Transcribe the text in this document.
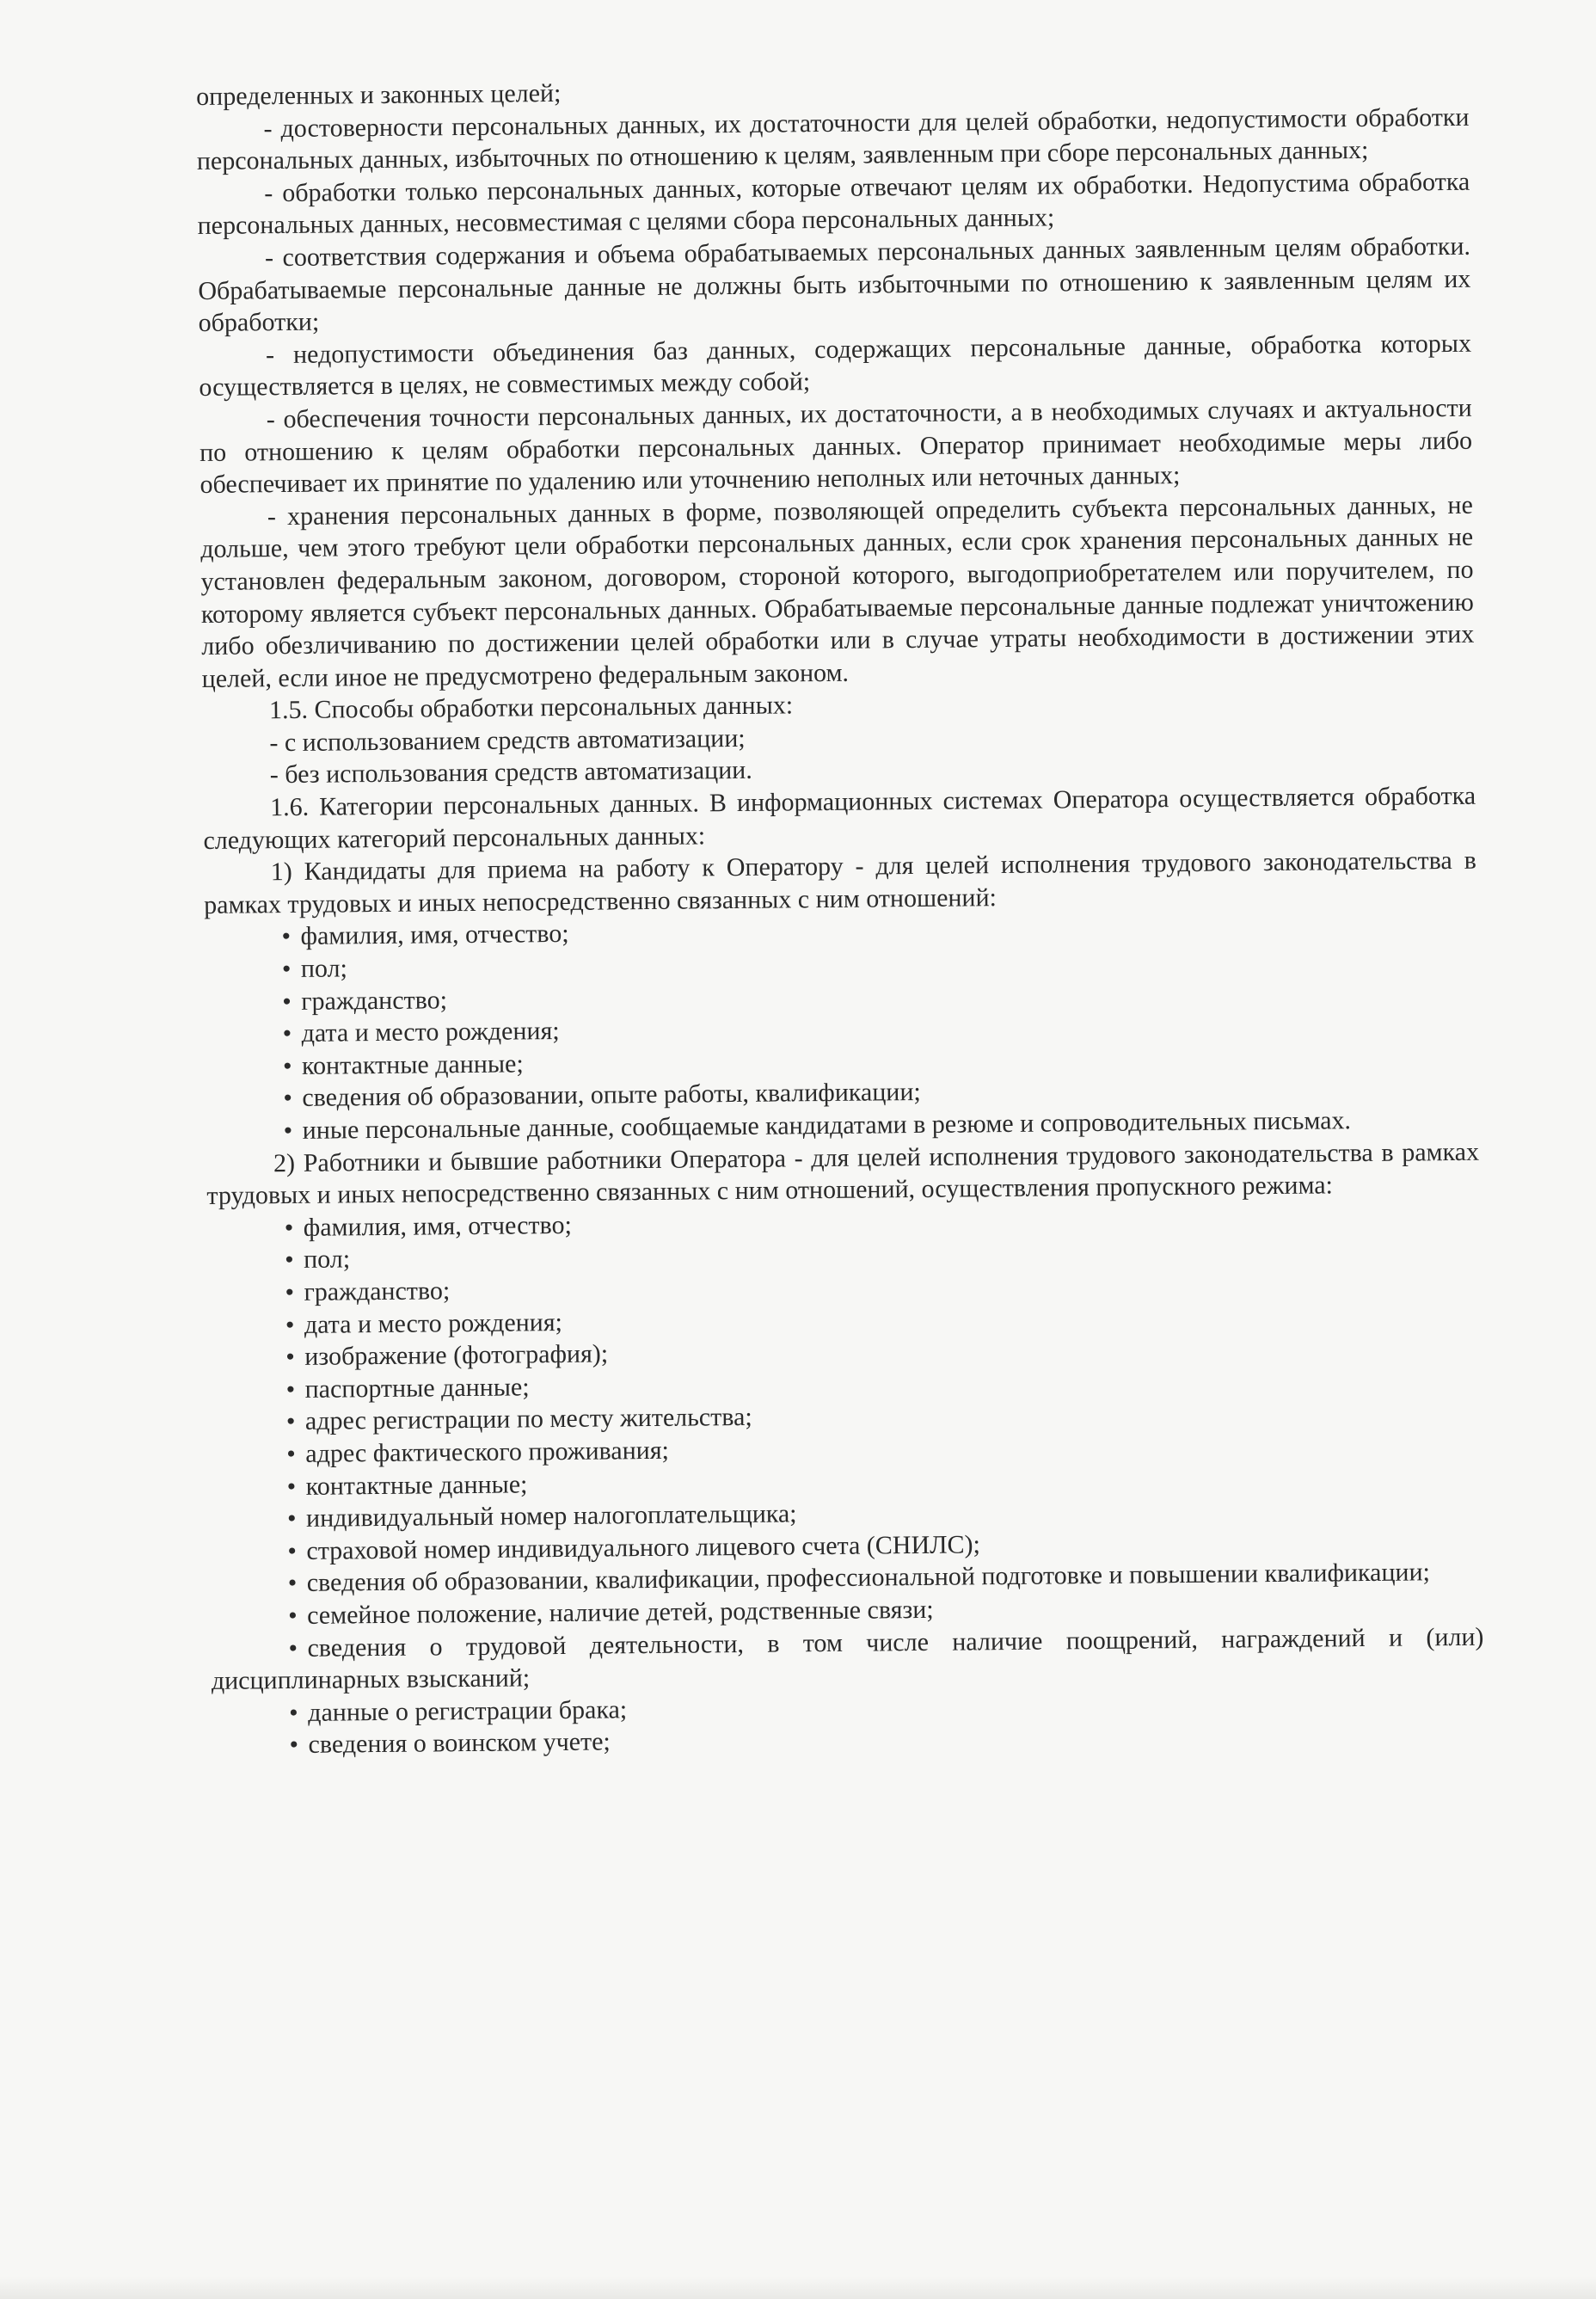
определенных и законных целей;

- достоверности персональных данных, их достаточности для целей обработки, недопустимости обработки персональных данных, избыточных по отношению к целям, заявленным при сборе персональных данных;

- обработки только персональных данных, которые отвечают целям их обработки. Недопустима обработка персональных данных, несовместимая с целями сбора персональных данных;

- соответствия содержания и объема обрабатываемых персональных данных заявленным целям обработки. Обрабатываемые персональные данные не должны быть избыточными по отношению к заявленным целям их обработки;

- недопустимости объединения баз данных, содержащих персональные данные, обработка которых осуществляется в целях, не совместимых между собой;

- обеспечения точности персональных данных, их достаточности, а в необходимых случаях и актуальности по отношению к целям обработки персональных данных. Оператор принимает необходимые меры либо обеспечивает их принятие по удалению или уточнению неполных или неточных данных;

- хранения персональных данных в форме, позволяющей определить субъекта персональных данных, не дольше, чем этого требуют цели обработки персональных данных, если срок хранения персональных данных не установлен федеральным законом, договором, стороной которого, выгодоприобретателем или поручителем, по которому является субъект персональных данных. Обрабатываемые персональные данные подлежат уничтожению либо обезличиванию по достижении целей обработки или в случае утраты необходимости в достижении этих целей, если иное не предусмотрено федеральным законом.

1.5. Способы обработки персональных данных:

- с использованием средств автоматизации;

- без использования средств автоматизации.

1.6. Категории персональных данных. В информационных системах Оператора осуществляется обработка следующих категорий персональных данных:

1) Кандидаты для приема на работу к Оператору - для целей исполнения трудового законодательства в рамках трудовых и иных непосредственно связанных с ним отношений:

• фамилия, имя, отчество;
• пол;
• гражданство;
• дата и место рождения;
• контактные данные;
• сведения об образовании, опыте работы, квалификации;
• иные персональные данные, сообщаемые кандидатами в резюме и сопроводительных письмах.

2) Работники и бывшие работники Оператора - для целей исполнения трудового законодательства в рамках трудовых и иных непосредственно связанных с ним отношений, осуществления пропускного режима:

• фамилия, имя, отчество;
• пол;
• гражданство;
• дата и место рождения;
• изображение (фотография);
• паспортные данные;
• адрес регистрации по месту жительства;
• адрес фактического проживания;
• контактные данные;
• индивидуальный номер налогоплательщика;
• страховой номер индивидуального лицевого счета (СНИЛС);
• сведения об образовании, квалификации, профессиональной подготовке и повышении квалификации;
• семейное положение, наличие детей, родственные связи;
• сведения о трудовой деятельности, в том числе наличие поощрений, награждений и (или) дисциплинарных взысканий;
• данные о регистрации брака;
• сведения о воинском учете;
